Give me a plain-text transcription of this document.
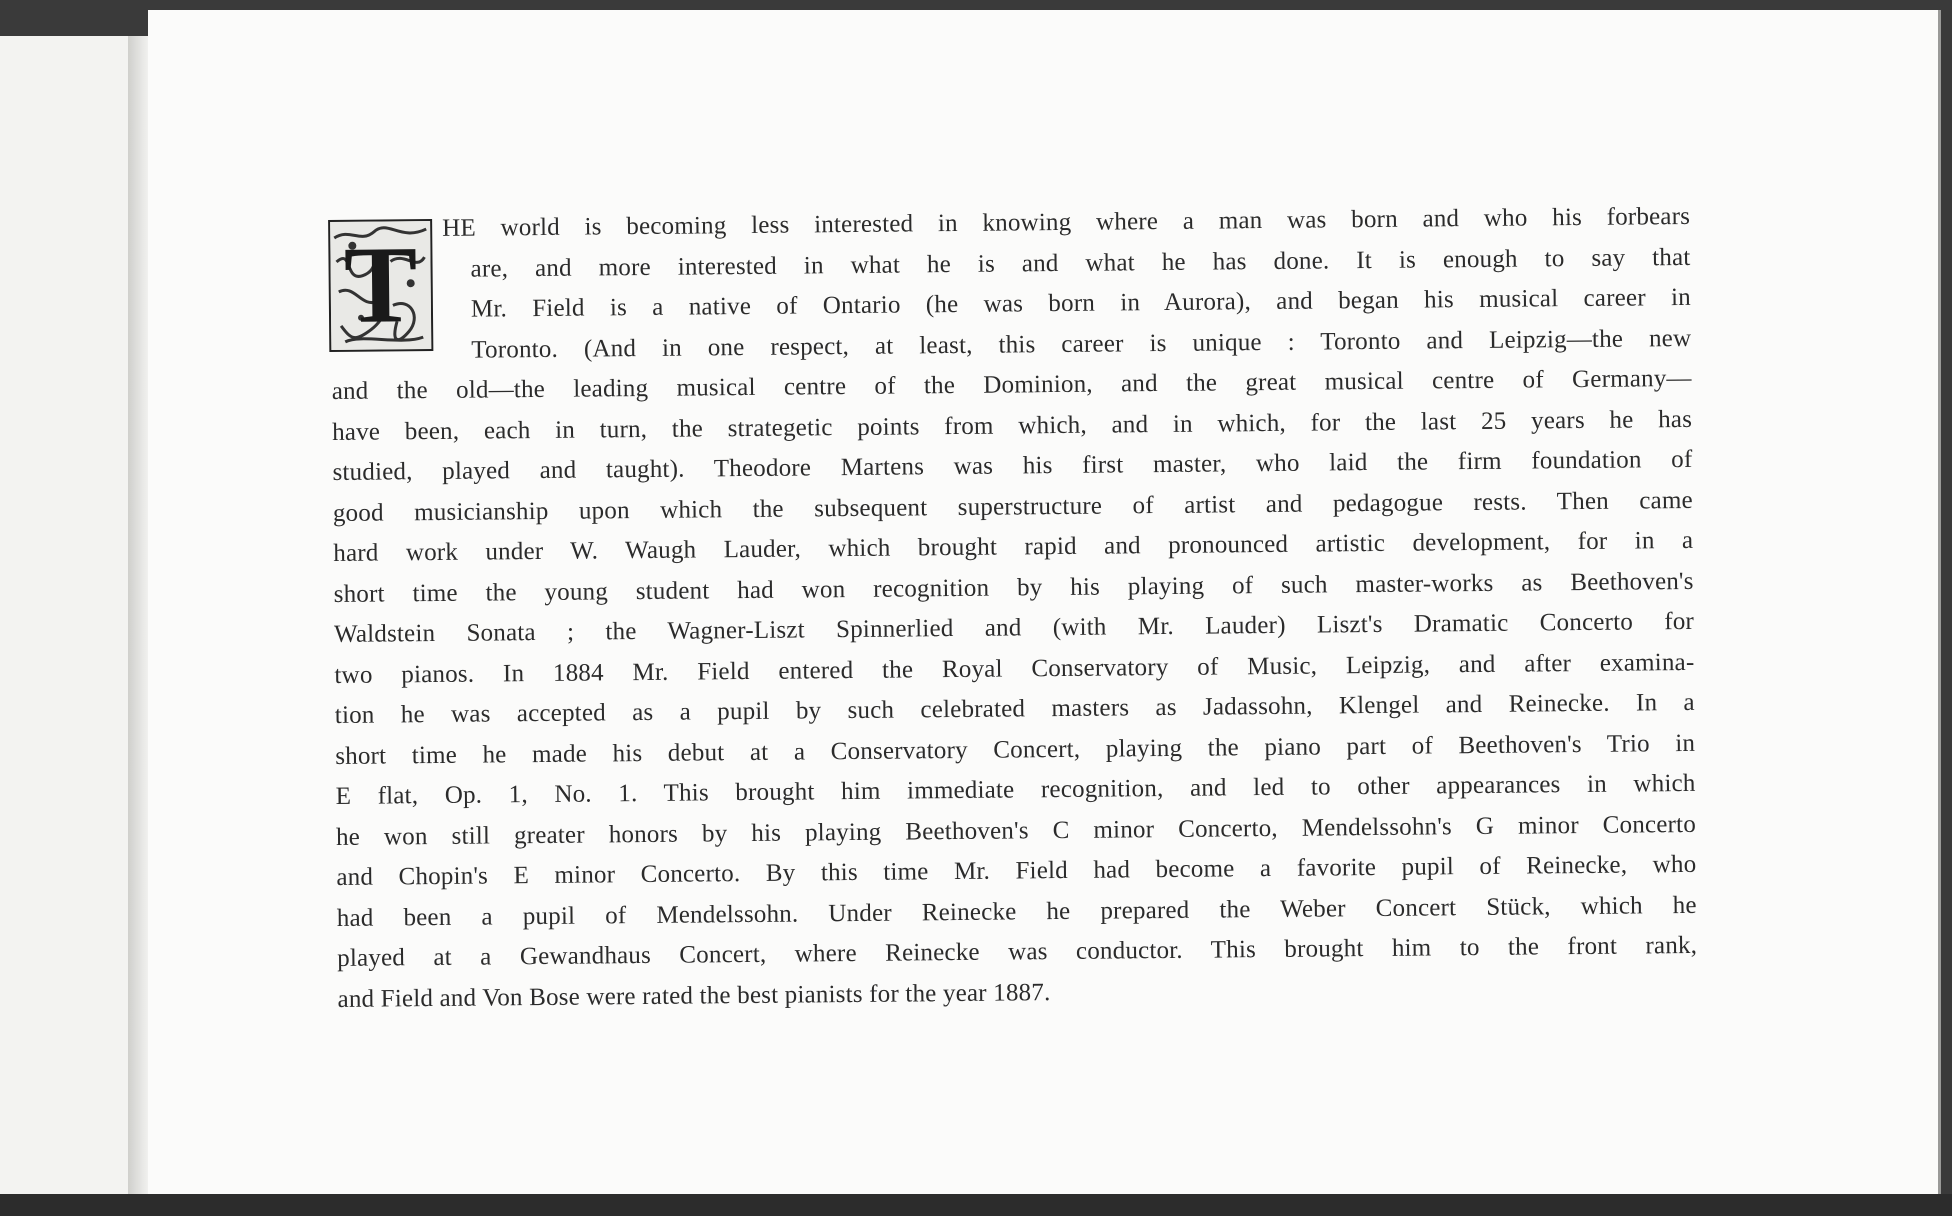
T
HE world is becoming less interested in knowing where a man was born and who his forbears
are, and more interested in what he is and what he has done. It is enough to say that
Mr. Field is a native of Ontario (he was born in Aurora), and began his musical career in
Toronto. (And in one respect, at least, this career is unique : Toronto and Leipzig—the new
and the old—the leading musical centre of the Dominion, and the great musical centre of Germany—
have been, each in turn, the strategetic points from which, and in which, for the last 25 years he has
studied, played and taught). Theodore Martens was his first master, who laid the firm foundation of
good musicianship upon which the subsequent superstructure of artist and pedagogue rests. Then came
hard work under W. Waugh Lauder, which brought rapid and pronounced artistic development, for in a
short time the young student had won recognition by his playing of such master-works as Beethoven's
Waldstein Sonata ; the Wagner-Liszt Spinnerlied and (with Mr. Lauder) Liszt's Dramatic Concerto for
two pianos. In 1884 Mr. Field entered the Royal Conservatory of Music, Leipzig, and after examina-
tion he was accepted as a pupil by such celebrated masters as Jadassohn, Klengel and Reinecke. In a
short time he made his debut at a Conservatory Concert, playing the piano part of Beethoven's Trio in
E flat, Op. 1, No. 1. This brought him immediate recognition, and led to other appearances in which
he won still greater honors by his playing Beethoven's C minor Concerto, Mendelssohn's G minor Concerto
and Chopin's E minor Concerto. By this time Mr. Field had become a favorite pupil of Reinecke, who
had been a pupil of Mendelssohn. Under Reinecke he prepared the Weber Concert Stück, which he
played at a Gewandhaus Concert, where Reinecke was conductor. This brought him to the front rank,
and Field and Von Bose were rated the best pianists for the year 1887.
